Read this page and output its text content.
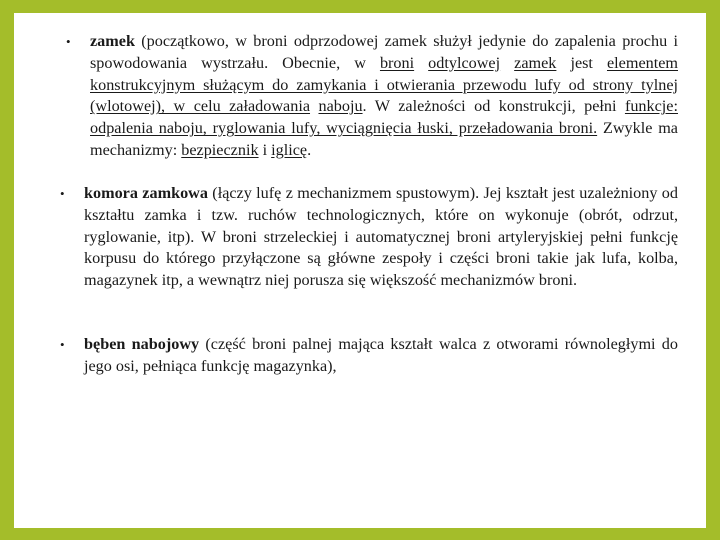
• zamek (początkowo, w broni odprzodowej zamek służył jedynie do zapalenia prochu i spowodowania wystrzału. Obecnie, w broni odtylcowej zamek jest elementem konstrukcyjnym służącym do zamykania i otwierania przewodu lufy od strony tylnej (wlotowej), w celu załadowania naboju. W zależności od konstrukcji, pełni funkcje: odpalenia naboju, ryglowania lufy, wyciągnięcia łuski, przeładowania broni. Zwykle ma mechanizmy: bezpiecznik i iglicę.
• komora zamkowa (łączy lufę z mechanizmem spustowym). Jej kształt jest uzależniony od kształtu zamka i tzw. ruchów technologicznych, które on wykonuje (obrót, odrzut, ryglowanie, itp). W broni strzeleckiej i automatycznej broni artyleryjskiej pełni funkcję korpusu do którego przyłączone są główne zespoły i części broni takie jak lufa, kolba, magazynek itp, a wewnątrz niej porusza się większość mechanizmów broni.
• bęben nabojowy (część broni palnej mająca kształt walca z otworami równoległymi do jego osi, pełniąca funkcję magazynka),
